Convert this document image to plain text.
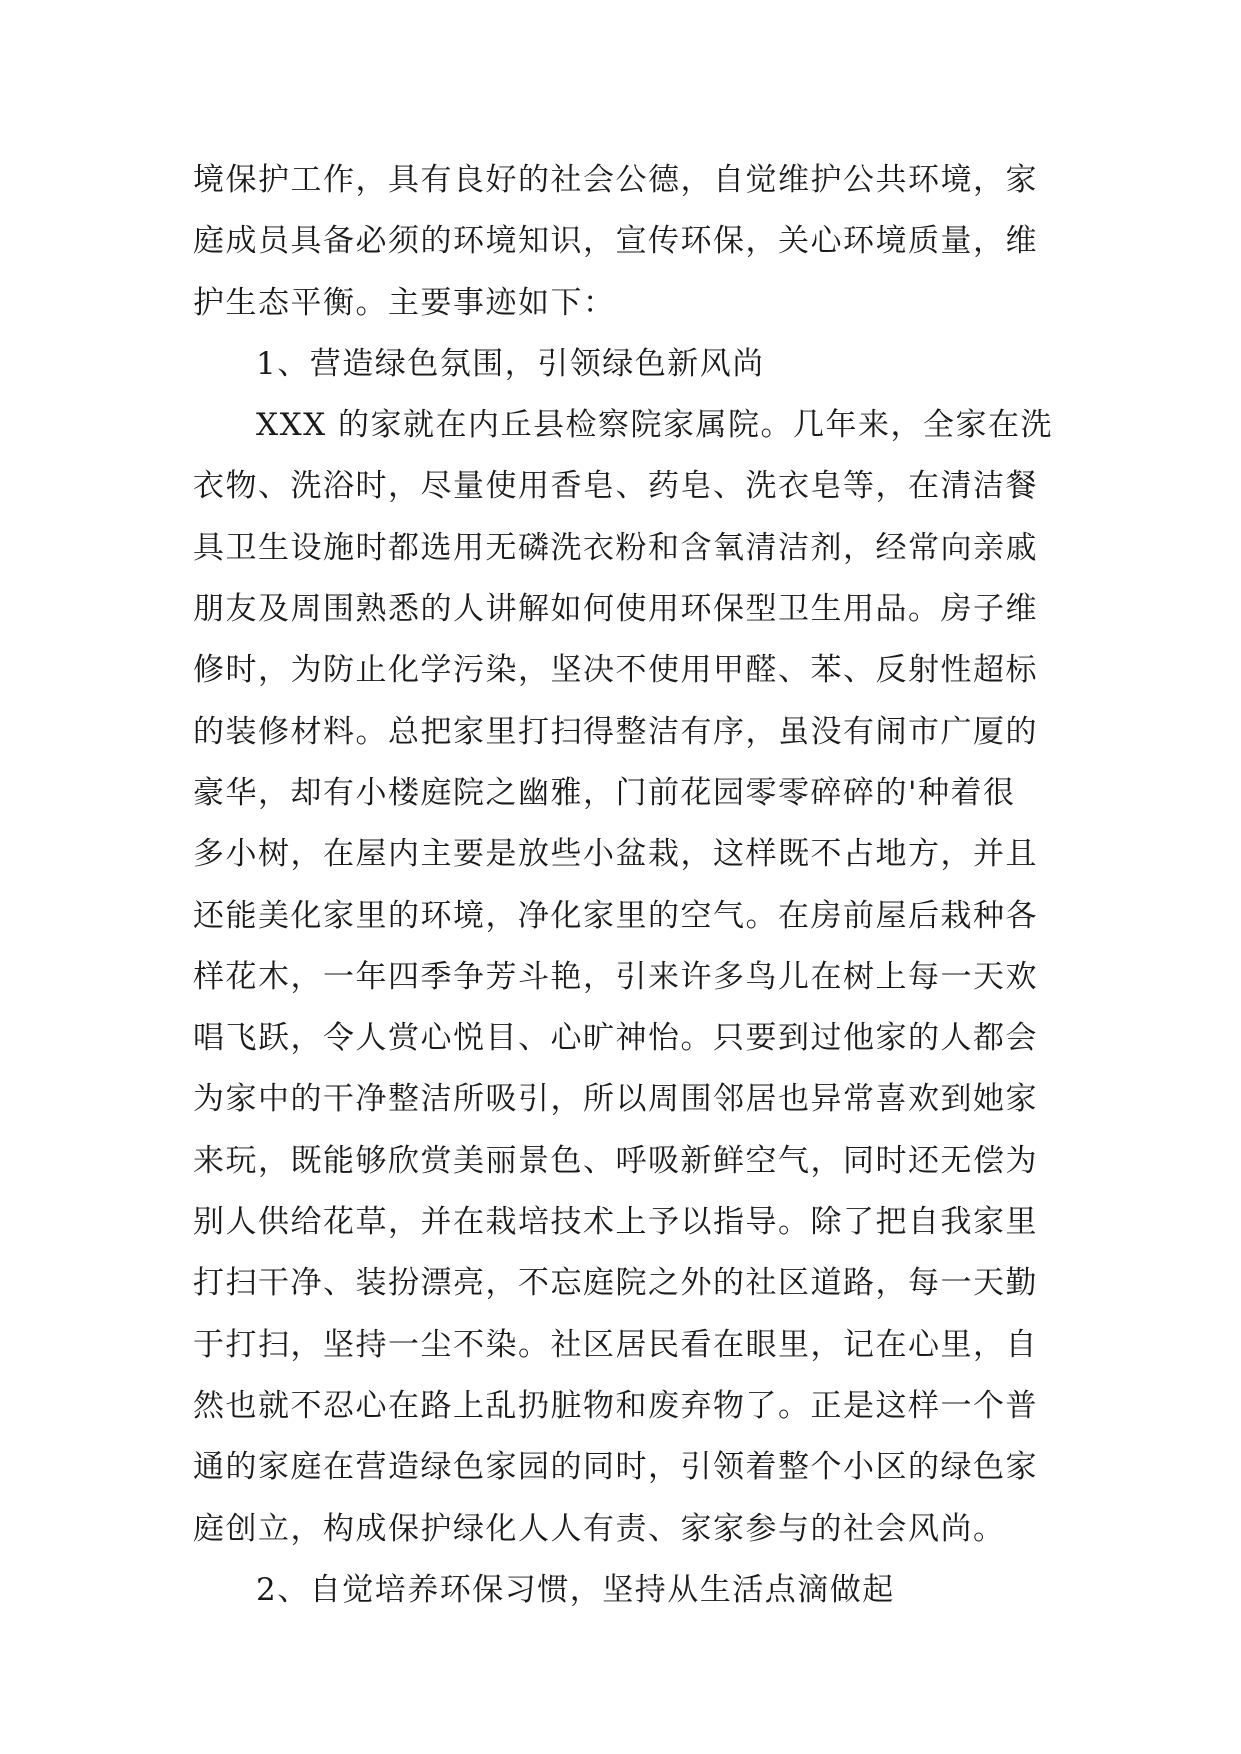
境保护工作，具有良好的社会公德，自觉维护公共环境，家
庭成员具备必须的环境知识，宣传环保，关心环境质量，维
护生态平衡。主要事迹如下：
1、营造绿色氛围，引领绿色新风尚
XXX 的家就在内丘县检察院家属院。几年来，全家在洗
衣物、洗浴时，尽量使用香皂、药皂、洗衣皂等，在清洁餐
具卫生设施时都选用无磷洗衣粉和含氧清洁剂，经常向亲戚
朋友及周围熟悉的人讲解如何使用环保型卫生用品。房子维
修时，为防止化学污染，坚决不使用甲醛、苯、反射性超标
的装修材料。总把家里打扫得整洁有序，虽没有闹市广厦的
豪华，却有小楼庭院之幽雅，门前花园零零碎碎的'种着很
多小树，在屋内主要是放些小盆栽，这样既不占地方，并且
还能美化家里的环境，净化家里的空气。在房前屋后栽种各
样花木，一年四季争芳斗艳，引来许多鸟儿在树上每一天欢
唱飞跃，令人赏心悦目、心旷神怡。只要到过他家的人都会
为家中的干净整洁所吸引，所以周围邻居也异常喜欢到她家
来玩，既能够欣赏美丽景色、呼吸新鲜空气，同时还无偿为
别人供给花草，并在栽培技术上予以指导。除了把自我家里
打扫干净、装扮漂亮，不忘庭院之外的社区道路，每一天勤
于打扫，坚持一尘不染。社区居民看在眼里，记在心里，自
然也就不忍心在路上乱扔脏物和废弃物了。正是这样一个普
通的家庭在营造绿色家园的同时，引领着整个小区的绿色家
庭创立，构成保护绿化人人有责、家家参与的社会风尚。
2、自觉培养环保习惯，坚持从生活点滴做起
